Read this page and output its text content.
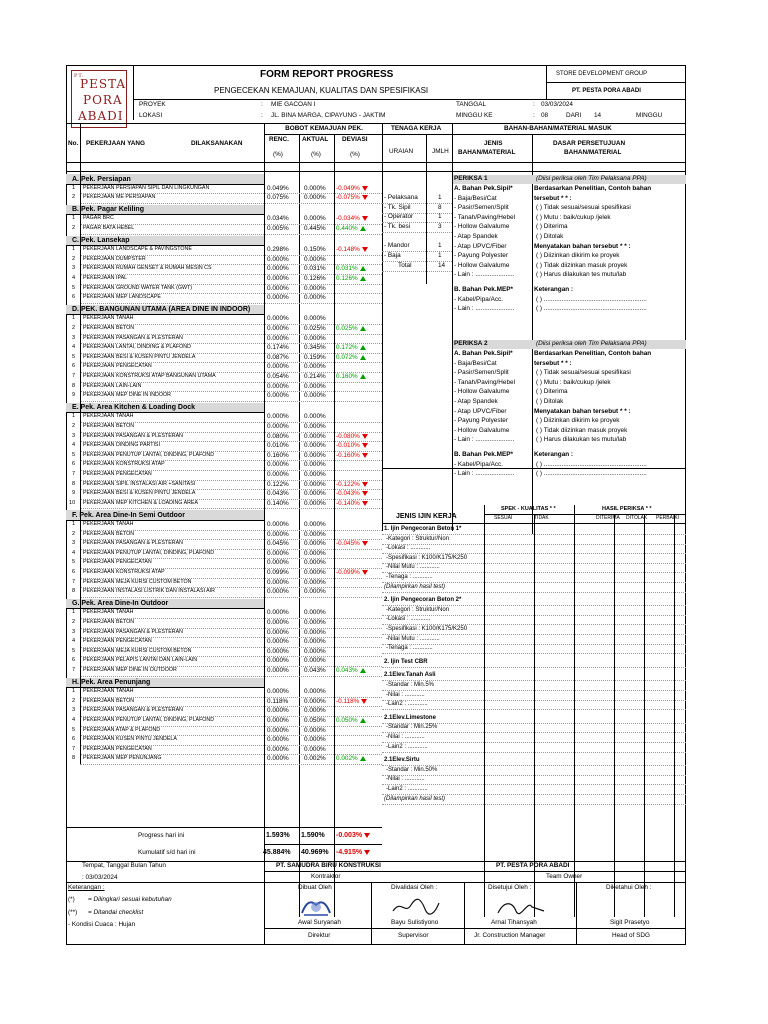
PT.
PESTA
PORA
ABADI
FORM REPORT PROGRESS
PENGECEKAN KEMAJUAN, KUALITAS DAN SPESIFIKASI
STORE DEVELOPMENT GROUP
PT. PESTA PORA ABADI
PROYEK	: MIE GACOAN I	TANGGAL	: 03/03/2024
LOKASI	: JL. BINA MARGA, CIPAYUNG - JAKTIM	MINGGU KE	: 08	DARI 14	MINGGU
No. PEKERJAAN YANG	DILAKSANAKAN
BOBOT KEMAJUAN PEK.
RENC.
(%)
AKTUAL
(%)
DEVIASI
(%)
TENAGA KERJA
URAIAN	JMLH
BAHAN-BAHAN/MATERIAL MASUK
JENIS
BAHAN/MATERIAL
DASAR PERSETUJUAN
BAHAN/MATERIAL
A. Pek. Persiapan
1 PEKERJAAN PERSIAPAN SIPIL DAN LINGKUNGAN	0.049% 0.000% -0.049%
2 PEKERJAAN ME PERSIAPAN	0.075% 0.000% -0.075%
B. Pek. Pagar Keliling
1 PAGAR BRC	0.034% 0.000% -0.034%
2 PAGAR BATA HEBEL	0.005% 0.445% 0.440%
C. Pek. Lansekap
1 PEKERJAAN LANDSCAPE & PAVINGSTONE	0.298% 0.150% -0.148%
2 PEKERJAAN DUMPSTER	0.000% 0.000%
3 PEKERJAAN RUMAH GENSET & RUMAH MESIN CS	0.000% 0.031% 0.031%
4 PEKERJAAN IPAL	0.000% 0.126% 0.126%
5 PEKERJAAN GROUND WATER TANK (GWT)	0.000% 0.000%
6 PEKERJAAN MEP LANDSCAPE	0.000% 0.000%
D. PEK. BANGUNAN UTAMA (AREA DINE IN INDOOR)
1 PEKERJAAN TANAH	0.000% 0.000%
2 PEKERJAAN BETON	0.000% 0.025% 0.025%
3 PEKERJAAN PASANGAN & PLESTERAN	0.000% 0.000%
4 PEKERJAAN LANTAI, DINDING & PLAFOND	0.174% 0.345% 0.172%
5 PEKERJAAN BESI & KUSEN PINTU JENDELA	0.087% 0.159% 0.072%
6 PEKERJAAN PENGECATAN	0.000% 0.000%
7 PEKERJAAN KONSTRUKSI ATAP BANGUNAN UTAMA	0.054% 0.214% 0.160%
8 PEKERJAAN LAIN-LAIN	0.000% 0.000%
9 PEKERJAAN MEP DINE IN INDOOR	0.000% 0.000%
E. Pek. Area Kitchen & Loading Dock
1 PEKERJAAN TANAH	0.000% 0.000%
2 PEKERJAAN BETON	0.000% 0.000%
3 PEKERJAAN PASANGAN & PLESTERAN	0.080% 0.000% -0.080%
4 PEKERJAAN DINDING PARTISI	0.010% 0.000% -0.010%
5 PEKERJAAN PENUTUP LANTAI, DINDING, PLAFOND	0.160% 0.000% -0.160%
6 PEKERJAAN KONSTRUKSI ATAP	0.000% 0.000%
7 PEKERJAAN PENGECATAN	0.000% 0.000%
8 PEKERJAAN SIPIL INSTALASI AIR +SANITASI	0.122% 0.000% -0.122%
9 PEKERJAAN BESI & KUSEN PINTU JENDELA	0.043% 0.000% -0.043%
10 PEKERJAAN MEP KITCHEN & LOADING AREA	0.140% 0.000% -0.140%
F. Pek. Area Dine-In Semi Outdoor
1 PEKERJAAN TANAH	0.000% 0.000%
2 PEKERJAAN BETON	0.000% 0.000%
3 PEKERJAAN PASANGAN & PLESTERAN	0.045% 0.000% -0.045%
4 PEKERJAAN PENUTUP LANTAI, DINDING, PLAFOND	0.000% 0.000%
5 PEKERJAAN PENGECATAN	0.000% 0.000%
6 PEKERJAAN KONSTRUKSI ATAP	0.099% 0.000% -0.099%
7 PEKERJAAN MEJA KURSI CUSTOM BETON	0.000% 0.000%
8 PEKERJAAN INSTALASI LISTRIK DAN INSTALASI AIR	0.000% 0.000%
G. Pek. Area Dine-In Outdoor
1 PEKERJAAN TANAH	0.000% 0.000%
2 PEKERJAAN BETON	0.000% 0.000%
3 PEKERJAAN PASANGAN & PLESTERAN	0.000% 0.000%
4 PEKERJAAN PENGECATAN	0.000% 0.000%
5 PEKERJAAN MEJA KURSI CUSTOM BETON	0.000% 0.000%
6 PEKERJAAN PELAPIS LANTAI DAN LAIN-LAIN	0.000% 0.000%
7 PEKERJAAN MEP DINE IN OUTDOOR	0.000% 0.043% 0.043%
H. Pek. Area Penunjang
1 PEKERJAAN TANAH	0.000% 0.000%
2 PEKERJAAN BETON	0.118% 0.000% -0.118%
3 PEKERJAAN PASANGAN & PLESTERAN	0.000% 0.000%
4 PEKERJAAN PENUTUP LANTAI, DINDING, PLAFOND	0.000% 0.050% 0.050%
5 PEKERJAAN ATAP & PLAFOND	0.000% 0.000%
6 PEKERJAAN KUSEN PINTU JENDELA	0.000% 0.000%
7 PEKERJAAN PENGECATAN	0.000% 0.000%
8 PEKERJAAN MEP PENUNJANG	0.000% 0.002% 0.002%
Progress hari ini	1.593% 1.590% -0.003%
Kumulatif s/d hari ini	45.884% 40.969% -4.915%
- Pelaksana	1
- Tk. Sipil	8
- Operator	1
- Tk. besi	3
- Mandor	1
- Baja	1
Total	14
PERIKSA 1	(Diisi periksa oleh Tim Pelaksana PPA)
A. Bahan Pek.Sipil*	Berdasarkan Penelitian, Contoh bahan
- Baja/Besi/Cat	tersebut * * :
- Pasir/Semen/Split	( ) Tidak sesuai/sesuai spesifikasi
- Tanah/Paving/Hebel	( ) Mutu : baik/cukup /jelek
- Hollow Galvalume	( ) Diterima
- Atap Spandek	( ) Ditolak
- Atap UPVC/Fiber	Menyatakan bahan tersebut * * :
- Payung Polyester	( ) Diizinkan dikirim ke proyek
- Hollow Galvalume	( ) Tidak diizinkan masuk proyek
- Lain : ......................	( ) Harus dilakukan tes mutu/lab
B. Bahan Pek.MEP*	Keterangan :
- Kabel/Pipa/Acc.	( ) ..........................................................
- Lain : ......................	( ) ..........................................................
PERIKSA 2	(Diisi periksa oleh Tim Pelaksana PPA)
A. Bahan Pek.Sipil*	Berdasarkan Penelitian, Contoh bahan
- Baja/Besi/Cat	tersebut * * :
- Pasir/Semen/Split	( ) Tidak sesuai/sesuai spesifikasi
- Tanah/Paving/Hebel	( ) Mutu : baik/cukup /jelek
- Hollow Galvalume	( ) Diterima
- Atap Spandek	( ) Ditolak
- Atap UPVC/Fiber	Menyatakan bahan tersebut * * :
- Payung Polyester	( ) Diizinkan dikirim ke proyek
- Hollow Galvalume	( ) Tidak diizinkan masuk proyek
- Lain : ......................	( ) Harus dilakukan tes mutu/lab
B. Bahan Pek.MEP*	Keterangan :
- Kabel/Pipa/Acc.	( ) ..........................................................
- Lain : ......................	( ) ..........................................................
JENIS IJIN KERJA
SPEK - KUALITAS * *	HASIL PERIKSA * *
SESUAI	TIDAK	DITERIMA DITOLAK PERBAIKI
1. Ijin Pengecoran Beton 1*
-Kategori : Struktur/Non
-Lokasi : ............
-Spesifikasi : K100/K175/K250
-Nilai Mutu : ............
-Tenaga : ............
(Dilampirkan hasil test)
2. Ijin Pengecoran Beton 2*
-Kategori : Struktur/Non
-Lokasi : ............
-Spesifikasi : K100/K175/K250
-Nilai Mutu : ............
-Tenaga : ............
2. Ijin Test CBR
2.1Elev.Tanah Asli
-Standar : Min.5%
-Nilai : ............
-Lain2 : ............
2.1Elev.Limestone
-Standar : Min.25%
-Nilai : ............
-Lain2 : ............
2.1Elev.Sirtu
-Standar : Min.50%
-Nilai : ............
-Lain2 : ............
(Dilampirkan hasil test)
Tempat, Tanggal Bulan Tahun
: 03/03/2024
PT. SAMUDRA BIRU KONSTRUKSI	PT. PESTA PORA ABADI
Kontraktor	Team Owner
Keterangan :
(*) = Dilingkari sesuai kebutuhan
(**) = Ditandai checklist
- Kondisi Cuaca : Hujan
Dibuat Oleh :	Divalidasi Oleh :	Disetujui Oleh :	Diketahui Oleh :
Awal Suryanah	Bayu Sulistiyono	Arnal Tihansyah	Sigit Prasetyo
Direktur	Supervisor	Jr. Construction Manager	Head of SDG
